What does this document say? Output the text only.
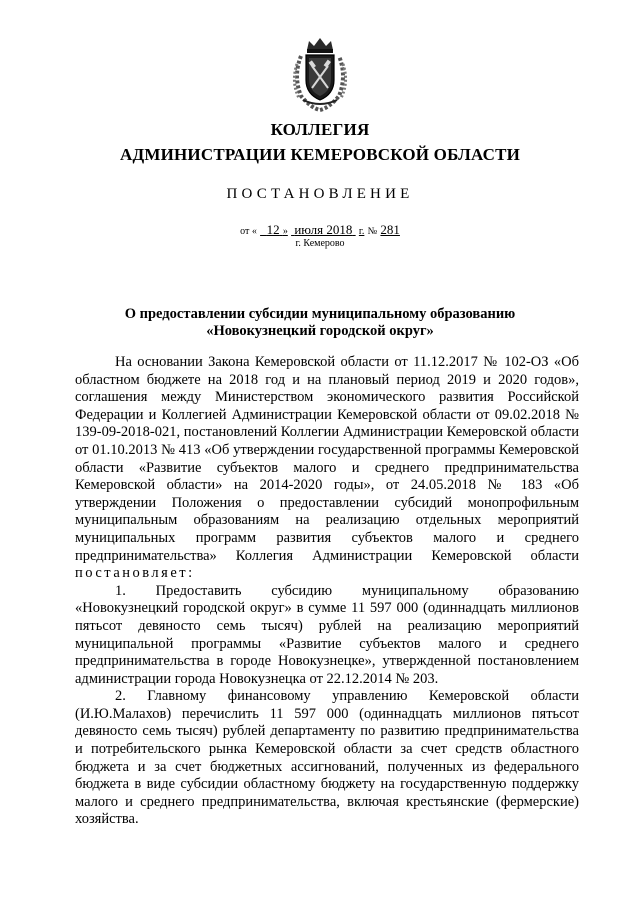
КОЛЛЕГИЯ
АДМИНИСТРАЦИИ КЕМЕРОВСКОЙ ОБЛАСТИ
ПОСТАНОВЛЕНИЕ
от « 12 » июля 2018 г. № 281
г. Кемерово
О предоставлении субсидии муниципальному образованию
«Новокузнецкий городской округ»

На основании Закона Кемеровской области от 11.12.2017 № 102-ОЗ «Об областном бюджете на 2018 год и на плановый период 2019 и 2020 годов», соглашения между Министерством экономического развития Российской Федерации и Коллегией Администрации Кемеровской области от 09.02.2018 № 139-09-2018-021, постановлений Коллегии Администрации Кемеровской области от 01.10.2013 № 413 «Об утверждении государственной программы Кемеровской области «Развитие субъектов малого и среднего предпринимательства Кемеровской области» на 2014-2020 годы», от 24.05.2018 № 183 «Об утверждении Положения о предоставлении субсидий монопрофильным муниципальным образованиям на реализацию отдельных мероприятий муниципальных программ развития субъектов малого и среднего предпринимательства» Коллегия Администрации Кемеровской области постановляет:

1. Предоставить субсидию муниципальному образованию «Новокузнецкий городской округ» в сумме 11 597 000 (одиннадцать миллионов пятьсот девяносто семь тысяч) рублей на реализацию мероприятий муниципальной программы «Развитие субъектов малого и среднего предпринимательства в городе Новокузнецке», утвержденной постановлением администрации города Новокузнецка от 22.12.2014 № 203.

2. Главному финансовому управлению Кемеровской области (И.Ю.Малахов) перечислить 11 597 000 (одиннадцать миллионов пятьсот девяносто семь тысяч) рублей департаменту по развитию предпринимательства и потребительского рынка Кемеровской области за счет средств областного бюджета и за счет бюджетных ассигнований, полученных из федерального бюджета в виде субсидии областному бюджету на государственную поддержку малого и среднего предпринимательства, включая крестьянские (фермерские) хозяйства.
